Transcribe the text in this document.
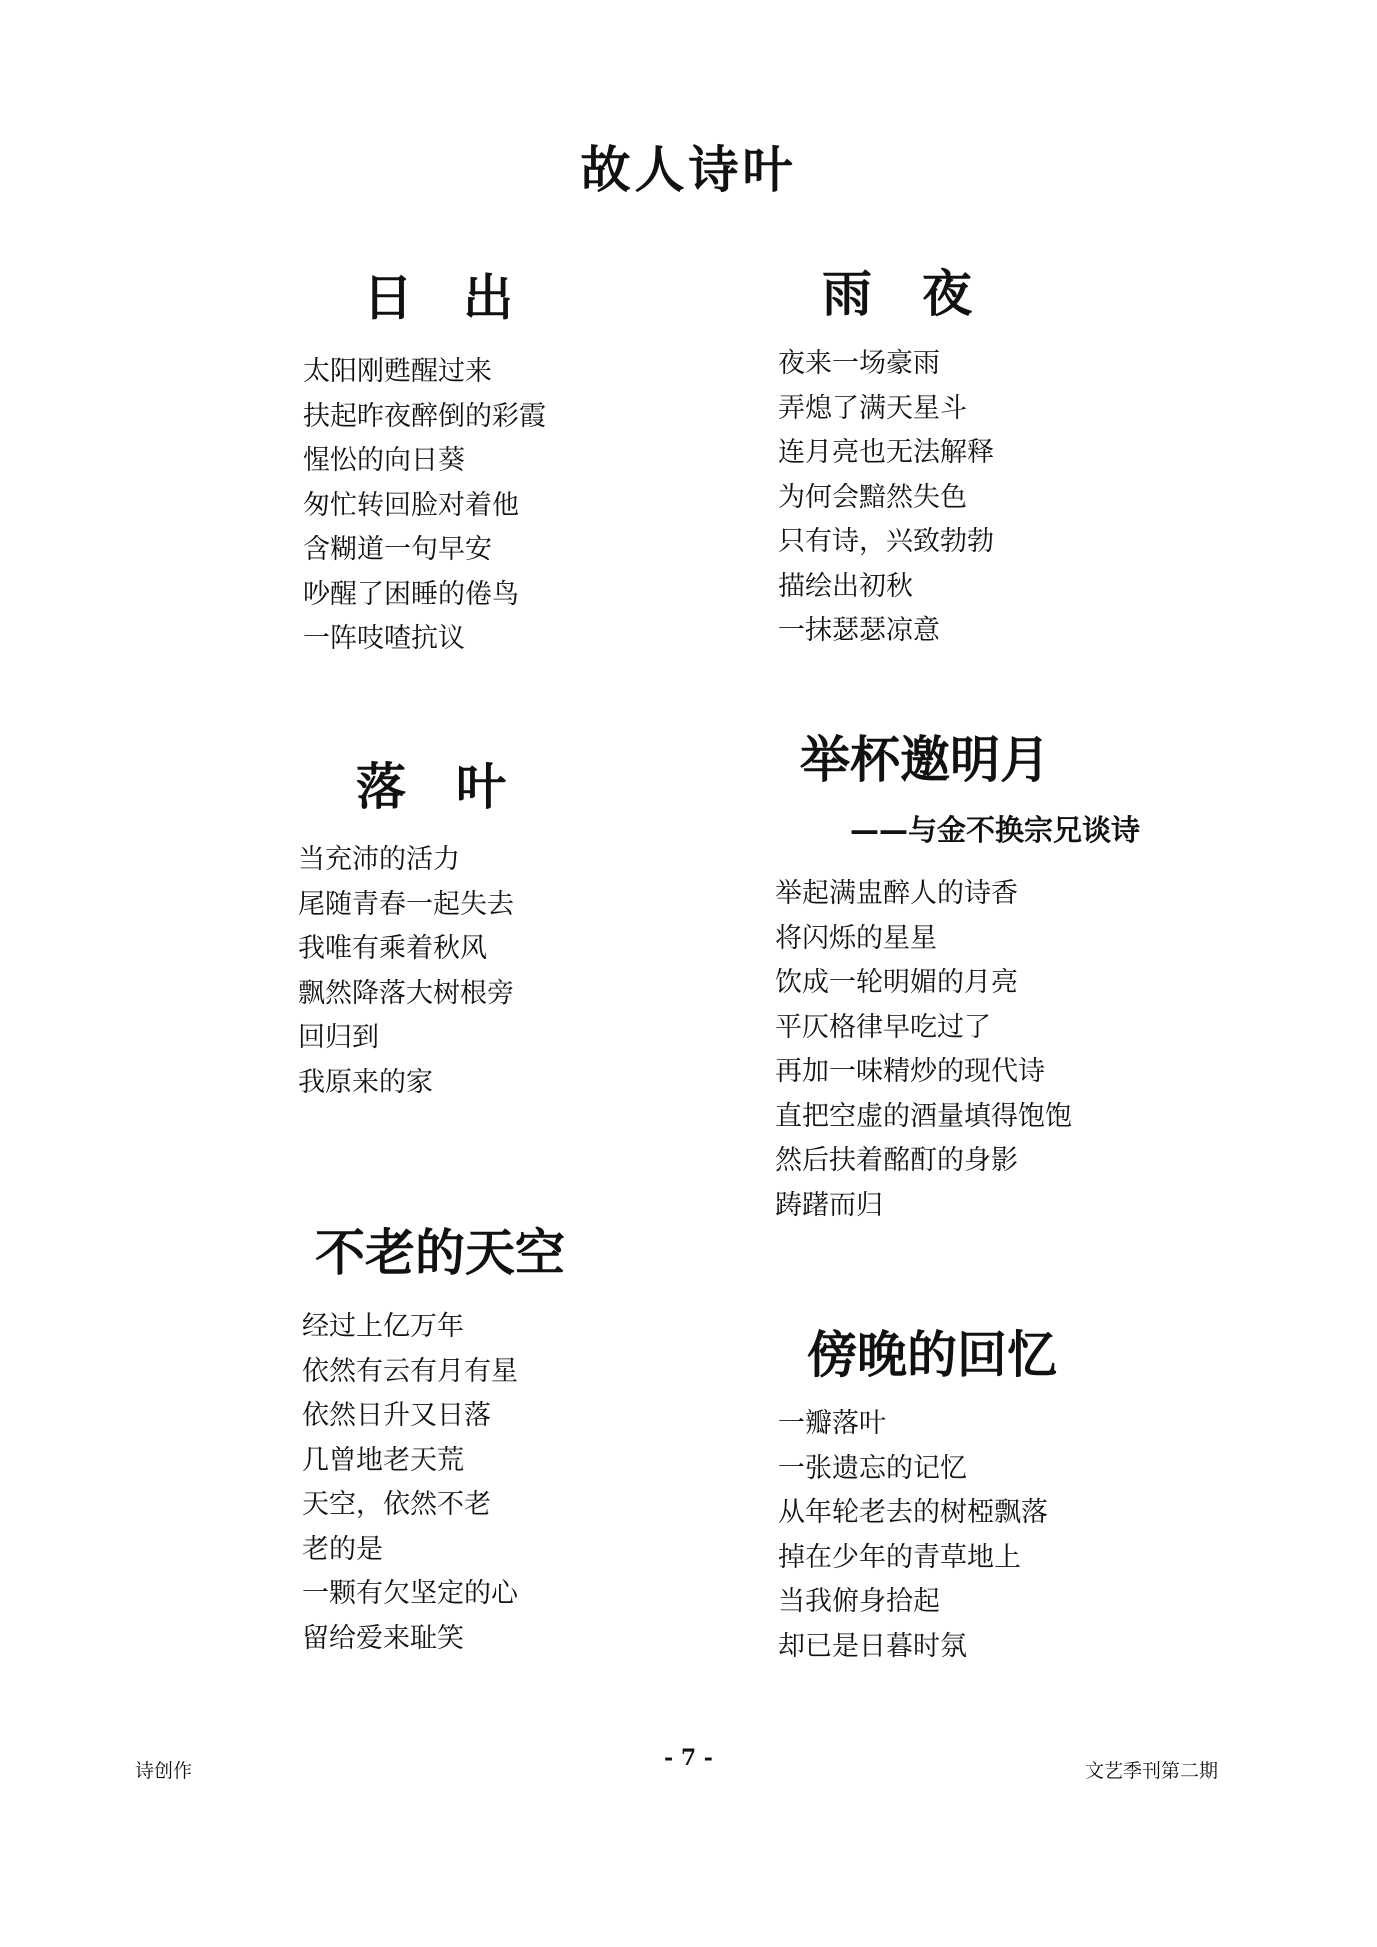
故人诗叶
日出
太阳刚甦醒过来
扶起昨夜醉倒的彩霞
惺忪的向日葵
匆忙转回脸对着他
含糊道一句早安
吵醒了困睡的倦鸟
一阵吱喳抗议
雨夜
夜来一场豪雨
弄熄了满天星斗
连月亮也无法解释
为何会黯然失色
只有诗，兴致勃勃
描绘出初秋
一抹瑟瑟凉意
落叶
当充沛的活力
尾随青春一起失去
我唯有乘着秋风
飘然降落大树根旁
回归到
我原来的家
举杯邀明月
——与金不换宗兄谈诗
举起满盅醉人的诗香
将闪烁的星星
饮成一轮明媚的月亮
平仄格律早吃过了
再加一味精炒的现代诗
直把空虚的酒量填得饱饱
然后扶着酩酊的身影
踌躇而归
不老的天空
经过上亿万年
依然有云有月有星
依然日升又日落
几曾地老天荒
天空，依然不老
老的是
一颗有欠坚定的心
留给爱来耻笑
傍晚的回忆
一瓣落叶
一张遗忘的记忆
从年轮老去的树椏飘落
掉在少年的青草地上
当我俯身拾起
却已是日暮时氛
诗创作	- 7 -	文艺季刊第二期
